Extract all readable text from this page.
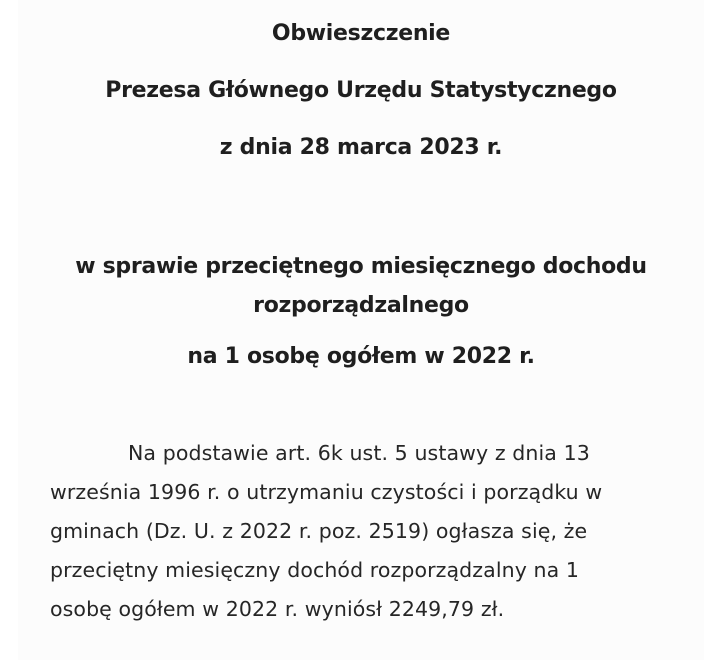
Obwieszczenie
Prezesa Głównego Urzędu Statystycznego
z dnia 28 marca 2023 r.
w sprawie przeciętnego miesięcznego dochodu
rozporządzalnego
na 1 osobę ogółem w 2022 r.

Na podstawie art. 6k ust. 5 ustawy z dnia 13
września 1996 r. o utrzymaniu czystości i porządku w
gminach (Dz. U. z 2022 r. poz. 2519) ogłasza się, że
przeciętny miesięczny dochód rozporządzalny na 1
osobę ogółem w 2022 r. wyniósł 2249,79 zł.
